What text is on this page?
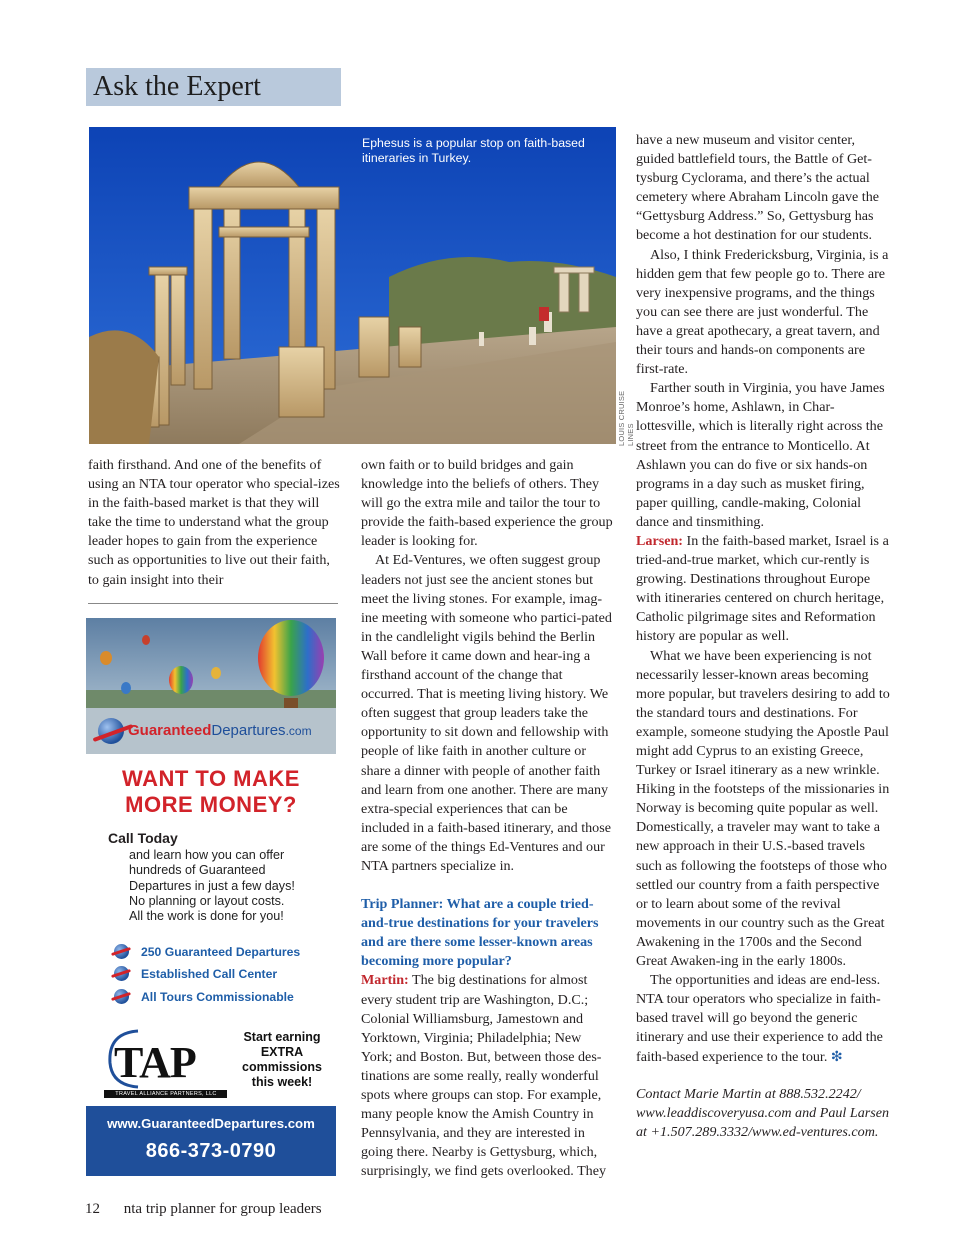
Ask the Expert
Ephesus is a popular stop on faith-based itineraries in Turkey.
LOUIS CRUISE LINES

faith firsthand. And one of the benefits of using an NTA tour operator who special-izes in the faith-based market is that they will take the time to understand what the group leader hopes to gain from the experience such as opportunities to live out their faith, to gain insight into their

GuaranteedDepartures.com
WANT TO MAKE
MORE MONEY?
Call Today
and learn how you can offer
hundreds of Guaranteed
Departures in just a few days!
No planning or layout costs.
All the work is done for you!
250 Guaranteed Departures
Established Call Center
All Tours Commissionable
TAP
TRAVEL ALLIANCE PARTNERS, LLC
Start earning
EXTRA
commissions
this week!
www.GuaranteedDepartures.com
866-373-0790

own faith or to build bridges and gain knowledge into the beliefs of others. They will go the extra mile and tailor the tour to provide the faith-based experience the group leader is looking for.

At Ed-Ventures, we often suggest group leaders not just see the ancient stones but meet the living stones. For example, imag-ine meeting with someone who partici-pated in the candlelight vigils behind the Berlin Wall before it came down and hear-ing a firsthand account of the change that occurred. That is meeting living history. We often suggest that group leaders take the opportunity to sit down and fellowship with people of like faith in another culture or share a dinner with people of another faith and learn from one another. There are many extra-special experiences that can be included in a faith-based itinerary, and those are some of the things Ed-Ventures and our NTA partners specialize in.

Trip Planner: What are a couple tried-and-true destinations for your travelers and are there some lesser-known areas becoming more popular?

Martin: The big destinations for almost every student trip are Washington, D.C.; Colonial Williamsburg, Jamestown and Yorktown, Virginia; Philadelphia; New York; and Boston. But, between those des-tinations are some really, really wonderful spots where groups can stop. For example, many people know the Amish Country in Pennsylvania, and they are interested in going there. Nearby is Gettysburg, which, surprisingly, we find gets overlooked. They

have a new museum and visitor center, guided battlefield tours, the Battle of Get-tysburg Cyclorama, and there’s the actual cemetery where Abraham Lincoln gave the “Gettysburg Address.” So, Gettysburg has become a hot destination for our students.

Also, I think Fredericksburg, Virginia, is a hidden gem that few people go to. There are very inexpensive programs, and the things you can see there are just wonderful. The have a great apothecary, a great tavern, and their tours and hands-on components are first-rate.

Farther south in Virginia, you have James Monroe’s home, Ashlawn, in Char-lottesville, which is literally right across the street from the entrance to Monticello. At Ashlawn you can do five or six hands-on programs in a day such as musket firing, paper quilling, candle-making, Colonial dance and tinsmithing.

Larsen: In the faith-based market, Israel is a tried-and-true market, which cur-rently is growing. Destinations throughout Europe with itineraries centered on church heritage, Catholic pilgrimage sites and Reformation history are popular as well.

What we have been experiencing is not necessarily lesser-known areas becoming more popular, but travelers desiring to add to the standard tours and destinations. For example, someone studying the Apostle Paul might add Cyprus to an existing Greece, Turkey or Israel itinerary as a new wrinkle. Hiking in the footsteps of the missionaries in Norway is becoming quite popular as well. Domestically, a traveler may want to take a new approach in their U.S.-based travels such as following the footsteps of those who settled our country from a faith perspective or to learn about some of the revival movements in our country such as the Great Awakening in the 1700s and the Second Great Awaken-ing in the early 1800s.

The opportunities and ideas are end-less. NTA tour operators who specialize in faith-based travel will go beyond the generic itinerary and use their experience to add the faith-based experience to the tour. ❇

Contact Marie Martin at 888.532.2242/ www.leaddiscoveryusa.com and Paul Larsen at +1.507.289.3332/www.ed-ventures.com.

12 nta trip planner for group leaders
